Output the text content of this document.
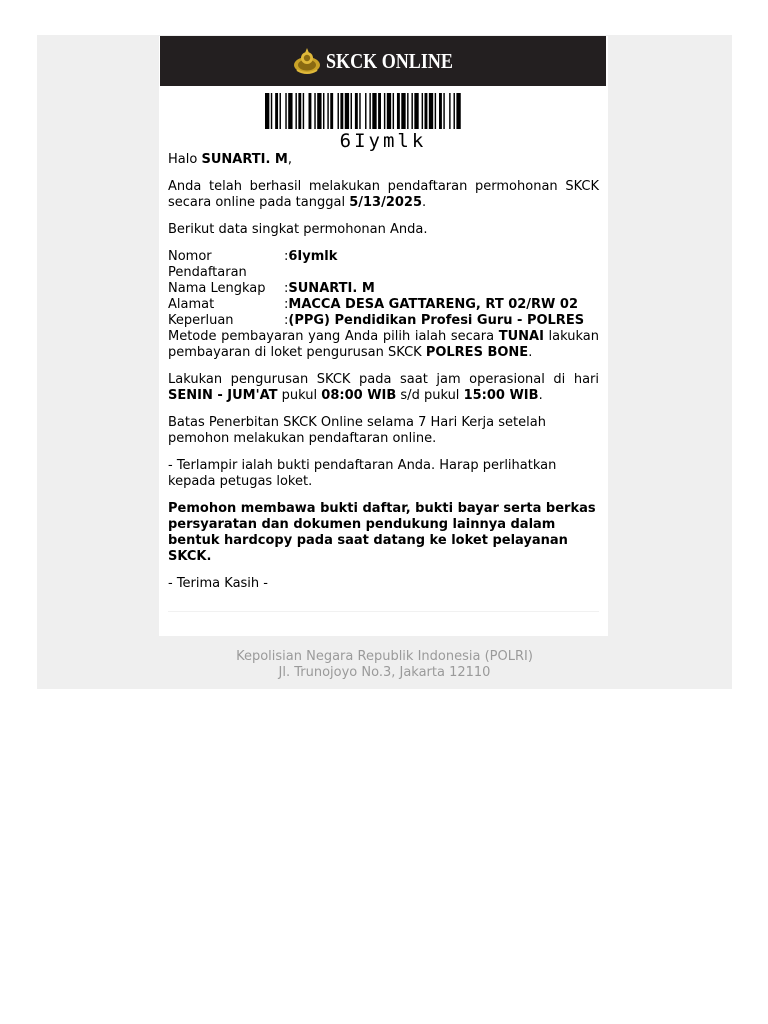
SKCK ONLINE
6Iymlk

Halo SUNARTI. M,

Anda telah berhasil melakukan pendaftaran permohonan SKCK secara online pada tanggal 5/13/2025.

Berikut data singkat permohonan Anda.

Nomor Pendaftaran	:6Iymlk
Nama Lengkap	:SUNARTI. M
Alamat	:MACCA DESA GATTARENG, RT 02/RW 02
Keperluan	:(PPG) Pendidikan Profesi Guru - POLRES

Metode pembayaran yang Anda pilih ialah secara TUNAI lakukan pembayaran di loket pengurusan SKCK POLRES BONE.

Lakukan pengurusan SKCK pada saat jam operasional di hari SENIN - JUM'AT pukul 08:00 WIB s/d pukul 15:00 WIB.

Batas Penerbitan SKCK Online selama 7 Hari Kerja setelah pemohon melakukan pendaftaran online.

- Terlampir ialah bukti pendaftaran Anda. Harap perlihatkan kepada petugas loket.

Pemohon membawa bukti daftar, bukti bayar serta berkas persyaratan dan dokumen pendukung lainnya dalam bentuk hardcopy pada saat datang ke loket pelayanan SKCK.

- Terima Kasih -

Kepolisian Negara Republik Indonesia (POLRI)
Jl. Trunojoyo No.3, Jakarta 12110
